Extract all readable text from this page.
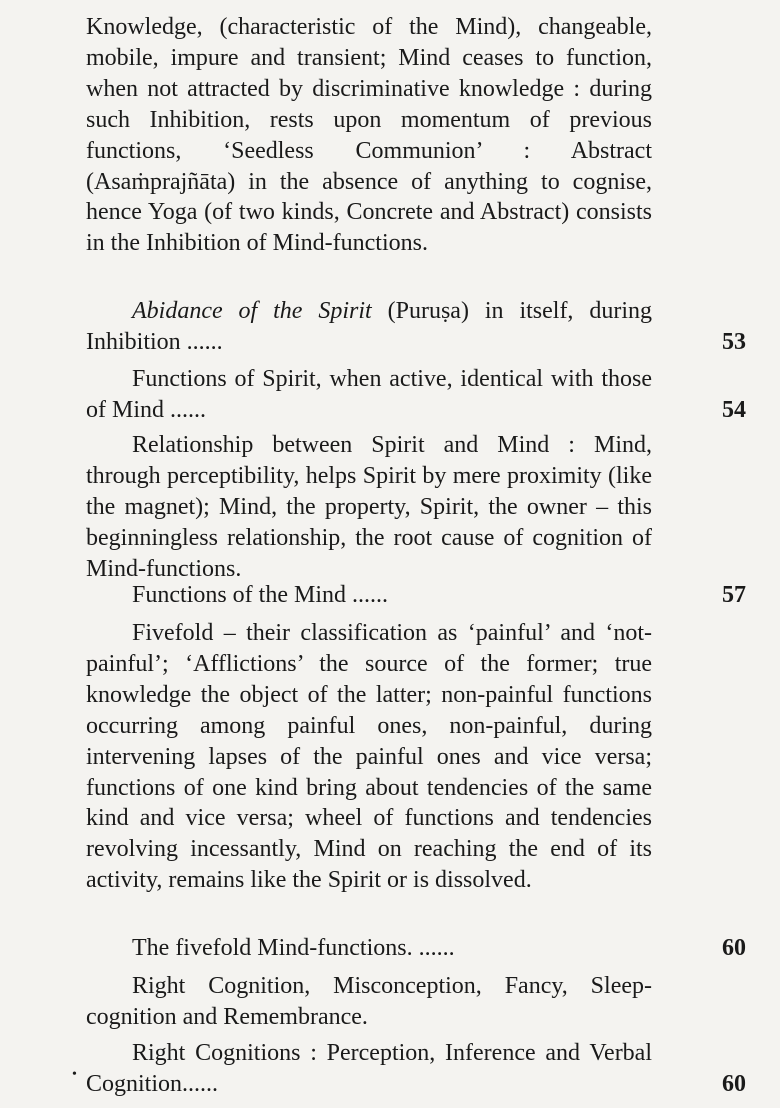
Knowledge, (characteristic of the Mind), changeable, mobile, impure and transient; Mind ceases to function, when not attracted by discriminative knowledge : during such Inhibition, rests upon momentum of previous functions, ‘Seedless Communion’ : Abstract (Asaṁprajñāta) in the absence of anything to cognise, hence Yoga (of two kinds, Concrete and Abstract) consists in the Inhibition of Mind-functions.

Abidance of the Spirit (Puruṣa) in itself, during Inhibition ......	53

Functions of Spirit, when active, identical with those of Mind ......	54

Relationship between Spirit and Mind : Mind, through perceptibility, helps Spirit by mere proximity (like the magnet); Mind, the property, Spirit, the owner – this beginningless relationship, the root cause of cognition of Mind-functions.

Functions of the Mind ......	57

Fivefold – their classification as ‘painful’ and ‘not-painful’; ‘Afflictions’ the source of the former; true knowledge the object of the latter; non-painful functions occurring among painful ones, non-painful, during intervening lapses of the painful ones and vice versa; functions of one kind bring about tendencies of the same kind and vice versa; wheel of functions and tendencies revolving incessantly, Mind on reaching the end of its activity, remains like the Spirit or is dissolved.

The fivefold Mind-functions. ......	60

Right Cognition, Misconception, Fancy, Sleep-cognition and Remembrance.

Right Cognitions : Perception, Inference and Verbal Cognition......	60
•
